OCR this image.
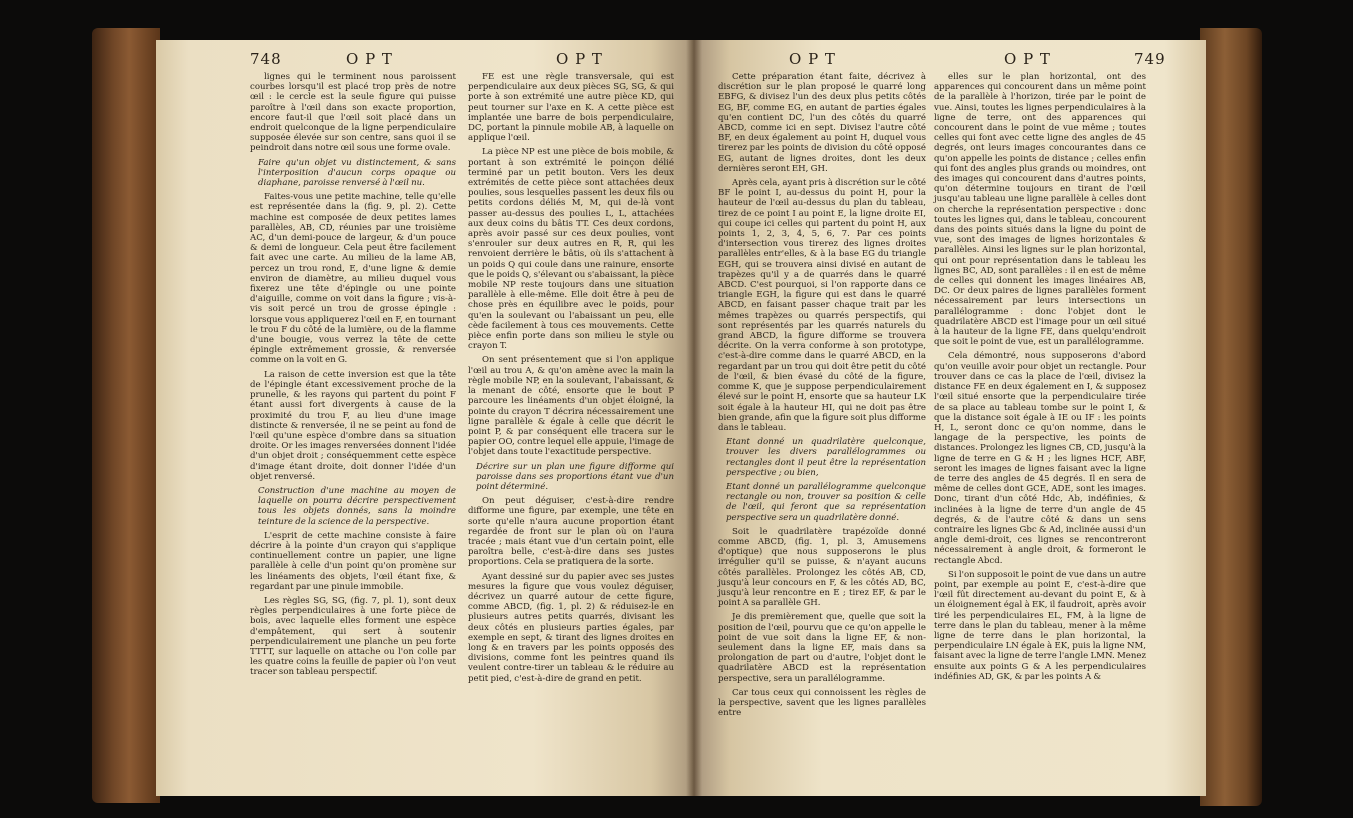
748	O P T	O P T

lignes qui le terminent nous paroissent courbes lorsqu'il est placé trop près de notre œil : le cercle est la seule figure qui puisse paroître à l'œil dans son exacte proportion, encore faut-il que l'œil soit placé dans un endroit quelconque de la ligne perpendiculaire supposée élevée sur son centre, sans quoi il se peindroit dans notre œil sous une forme ovale.

Faire qu'un objet vu distinctement, & sans l'interposition d'aucun corps opaque ou diaphane, paroisse renversé à l'œil nu.

Faites-vous une petite machine, telle qu'elle est représentée dans la (fig. 9, pl. 2). Cette machine est composée de deux petites lames parallèles, AB, CD, réunies par une troisième AC, d'un demi-pouce de largeur, & d'un pouce & demi de longueur. Cela peut être facilement fait avec une carte. Au milieu de la lame AB, percez un trou rond, E, d'une ligne & demie environ de diamètre, au milieu duquel vous fixerez une tête d'épingle ou une pointe d'aiguille, comme on voit dans la figure ; vis-à-vis soit percé un trou de grosse épingle : lorsque vous appliquerez l'œil en F, en tournant le trou F du côté de la lumière, ou de la flamme d'une bougie, vous verrez la tête de cette épingle extrêmement grossie, & renversée comme on la voit en G.

La raison de cette inversion est que la tête de l'épingle étant excessivement proche de la prunelle, & les rayons qui partent du point F étant aussi fort divergents à cause de la proximité du trou F, au lieu d'une image distincte & renversée, il ne se peint au fond de l'œil qu'une espèce d'ombre dans sa situation droite. Or les images renversées donnent l'idée d'un objet droit ; conséquemment cette espèce d'image étant droite, doit donner l'idée d'un objet renversé.

Construction d'une machine au moyen de laquelle on pourra décrire perspectivement tous les objets donnés, sans la moindre teinture de la science de la perspective.

L'esprit de cette machine consiste à faire décrire à la pointe d'un crayon qui s'applique continuellement contre un papier, une ligne parallèle à celle d'un point qu'on promène sur les linéaments des objets, l'œil étant fixe, & regardant par une pinule immobile.

Les règles SG, SG, (fig. 7, pl. 1), sont deux règles perpendiculaires à une forte pièce de bois, avec laquelle elles forment une espèce d'empâtement, qui sert à soutenir perpendiculairement une planche un peu forte TTTT, sur laquelle on attache ou l'on colle par les quatre coins la feuille de papier où l'on veut tracer son tableau perspectif.

FE est une règle transversale, qui est perpendiculaire aux deux pièces SG, SG, & qui porte à son extrémité une autre pièce KD, qui peut tourner sur l'axe en K. A cette pièce est implantée une barre de bois perpendiculaire, DC, portant la pinnule mobile AB, à laquelle on applique l'œil.

La pièce NP est une pièce de bois mobile, & portant à son extrémité le poinçon délié terminé par un petit bouton. Vers les deux extrémités de cette pièce sont attachées deux poulies, sous lesquelles passent les deux fils ou petits cordons déliés M, M, qui de-là vont passer au-dessus des poulies L, L, attachées aux deux coins du bâtis TT. Ces deux cordons, après avoir passé sur ces deux poulies, vont s'enrouler sur deux autres en R, R, qui les renvoient derrière le bâtis, où ils s'attachent à un poids Q qui coule dans une rainure, ensorte que le poids Q, s'élevant ou s'abaissant, la pièce mobile NP reste toujours dans une situation parallèle à elle-même. Elle doit être à peu de chose près en équilibre avec le poids, pour qu'en la soulevant ou l'abaissant un peu, elle cède facilement à tous ces mouvements. Cette pièce enfin porte dans son milieu le style ou crayon T.

On sent présentement que si l'on applique l'œil au trou A, & qu'on amène avec la main la règle mobile NP, en la soulevant, l'abaissant, & la menant de côté, ensorte que le bout P parcoure les linéaments d'un objet éloigné, la pointe du crayon T décrira nécessairement une ligne parallèle & égale à celle que décrit le point P, & par conséquent elle tracera sur le papier OO, contre lequel elle appuie, l'image de l'objet dans toute l'exactitude perspective.

Décrire sur un plan une figure difforme qui paroisse dans ses proportions étant vue d'un point déterminé.

On peut déguiser, c'est-à-dire rendre difforme une figure, par exemple, une tête en sorte qu'elle n'aura aucune proportion étant regardée de front sur le plan où on l'aura tracée ; mais étant vue d'un certain point, elle paroîtra belle, c'est-à-dire dans ses justes proportions. Cela se pratiquera de la sorte.

Ayant dessiné sur du papier avec ses justes mesures la figure que vous voulez déguiser, décrivez un quarré autour de cette figure, comme ABCD, (fig. 1, pl. 2) & réduisez-le en plusieurs autres petits quarrés, divisant les deux côtés en plusieurs parties égales, par exemple en sept, & tirant des lignes droites en long & en travers par les points opposés des divisions, comme font les peintres quand ils veulent contre-tirer un tableau & le réduire au petit pied, c'est-à-dire de grand en petit.

O P T	O P T	749

Cette préparation étant faite, décrivez à discrétion sur le plan proposé le quarré long EBFG, & divisez l'un des deux plus petits côtés EG, BF, comme EG, en autant de parties égales qu'en contient DC, l'un des côtés du quarré ABCD, comme ici en sept. Divisez l'autre côté BF, en deux également au point H, duquel vous tirerez par les points de division du côté opposé EG, autant de lignes droites, dont les deux dernières seront EH, GH.

Après cela, ayant pris à discrétion sur le côté BF le point I, au-dessus du point H, pour la hauteur de l'œil au-dessus du plan du tableau, tirez de ce point I au point E, la ligne droite EI, qui coupe ici celles qui partent du point H, aux points 1, 2, 3, 4, 5, 6, 7. Par ces points d'intersection vous tirerez des lignes droites parallèles entr'elles, & à la base EG du triangle EGH, qui se trouvera ainsi divisé en autant de trapèzes qu'il y a de quarrés dans le quarré ABCD. C'est pourquoi, si l'on rapporte dans ce triangle EGH, la figure qui est dans le quarré ABCD, en faisant passer chaque trait par les mêmes trapèzes ou quarrés perspectifs, qui sont représentés par les quarrés naturels du grand ABCD, la figure difforme se trouvera décrite. On la verra conforme à son prototype, c'est-à-dire comme dans le quarré ABCD, en la regardant par un trou qui doit être petit du côté de l'œil, & bien évasé du côté de la figure, comme K, que je suppose perpendiculairement élevé sur le point H, ensorte que sa hauteur LK soit égale à la hauteur HI, qui ne doit pas être bien grande, afin que la figure soit plus difforme dans le tableau.

Etant donné un quadrilatère quelconque, trouver les divers parallélogrammes ou rectangles dont il peut être la représentation perspective ; ou bien,

Etant donné un parallélogramme quelconque rectangle ou non, trouver sa position & celle de l'œil, qui feront que sa représentation perspective sera un quadrilatère donné.

Soit le quadrilatère trapézoïde donné comme ABCD, (fig. 1, pl. 3, Amusemens d'optique) que nous supposerons le plus irrégulier qu'il se puisse, & n'ayant aucuns côtés parallèles. Prolongez les côtés AB, CD, jusqu'à leur concours en F, & les côtés AD, BC, jusqu'à leur rencontre en E ; tirez EF, & par le point A sa parallèle GH.

Je dis premièrement que, quelle que soit la position de l'œil, pourvu que ce qu'on appelle le point de vue soit dans la ligne EF, & non-seulement dans la ligne EF, mais dans sa prolongation de part ou d'autre, l'objet dont le quadrilatère ABCD est la représentation perspective, sera un parallélogramme.

Car tous ceux qui connoissent les règles de la perspective, savent que les lignes parallèles entre

elles sur le plan horizontal, ont des apparences qui concourent dans un même point de la parallèle à l'horizon, tirée par le point de vue. Ainsi, toutes les lignes perpendiculaires à la ligne de terre, ont des apparences qui concourent dans le point de vue même ; toutes celles qui font avec cette ligne des angles de 45 degrés, ont leurs images concourantes dans ce qu'on appelle les points de distance ; celles enfin qui font des angles plus grands ou moindres, ont des images qui concourent dans d'autres points, qu'on détermine toujours en tirant de l'œil jusqu'au tableau une ligne parallèle à celles dont on cherche la représentation perspective : donc toutes les lignes qui, dans le tableau, concourent dans des points situés dans la ligne du point de vue, sont des images de lignes horizontales & parallèles. Ainsi les lignes sur le plan horizontal, qui ont pour représentation dans le tableau les lignes BC, AD, sont parallèles : il en est de même de celles qui donnent les images linéaires AB, DC. Or deux paires de lignes parallèles forment nécessairement par leurs intersections un parallélogramme : donc l'objet dont le quadrilatère ABCD est l'image pour un œil situé à la hauteur de la ligne FE, dans quelqu'endroit que soit le point de vue, est un parallélogramme.

Cela démontré, nous supposerons d'abord qu'on veuille avoir pour objet un rectangle. Pour trouver dans ce cas la place de l'œil, divisez la distance FE en deux également en I, & supposez l'œil situé ensorte que la perpendiculaire tirée de sa place au tableau tombe sur le point I, & que la distance soit égale à IE ou IF : les points H, L, seront donc ce qu'on nomme, dans le langage de la perspective, les points de distances. Prolongez les lignes CB, CD, jusqu'à la ligne de terre en G & H ; les lignes HCF, ABF, seront les images de lignes faisant avec la ligne de terre des angles de 45 degrés. Il en sera de même de celles dont GCE, ADE, sont les images. Donc, tirant d'un côté Hdc, Ab, indéfinies, & inclinées à la ligne de terre d'un angle de 45 degrés, & de l'autre côté & dans un sens contraire les lignes Gbc & Ad, inclinée aussi d'un angle demi-droit, ces lignes se rencontreront nécessairement à angle droit, & formeront le rectangle Abcd.

Si l'on supposoit le point de vue dans un autre point, par exemple au point E, c'est-à-dire que l'œil fût directement au-devant du point E, & à un éloignement égal à EK, il faudroit, après avoir tiré les perpendiculaires EL, FM, à la ligne de terre dans le plan du tableau, mener à la même ligne de terre dans le plan horizontal, la perpendiculaire LN égale à EK, puis la ligne NM, faisant avec la ligne de terre l'angle LMN. Menez ensuite aux points G & A les perpendiculaires indéfinies AD, GK, & par les points A &
